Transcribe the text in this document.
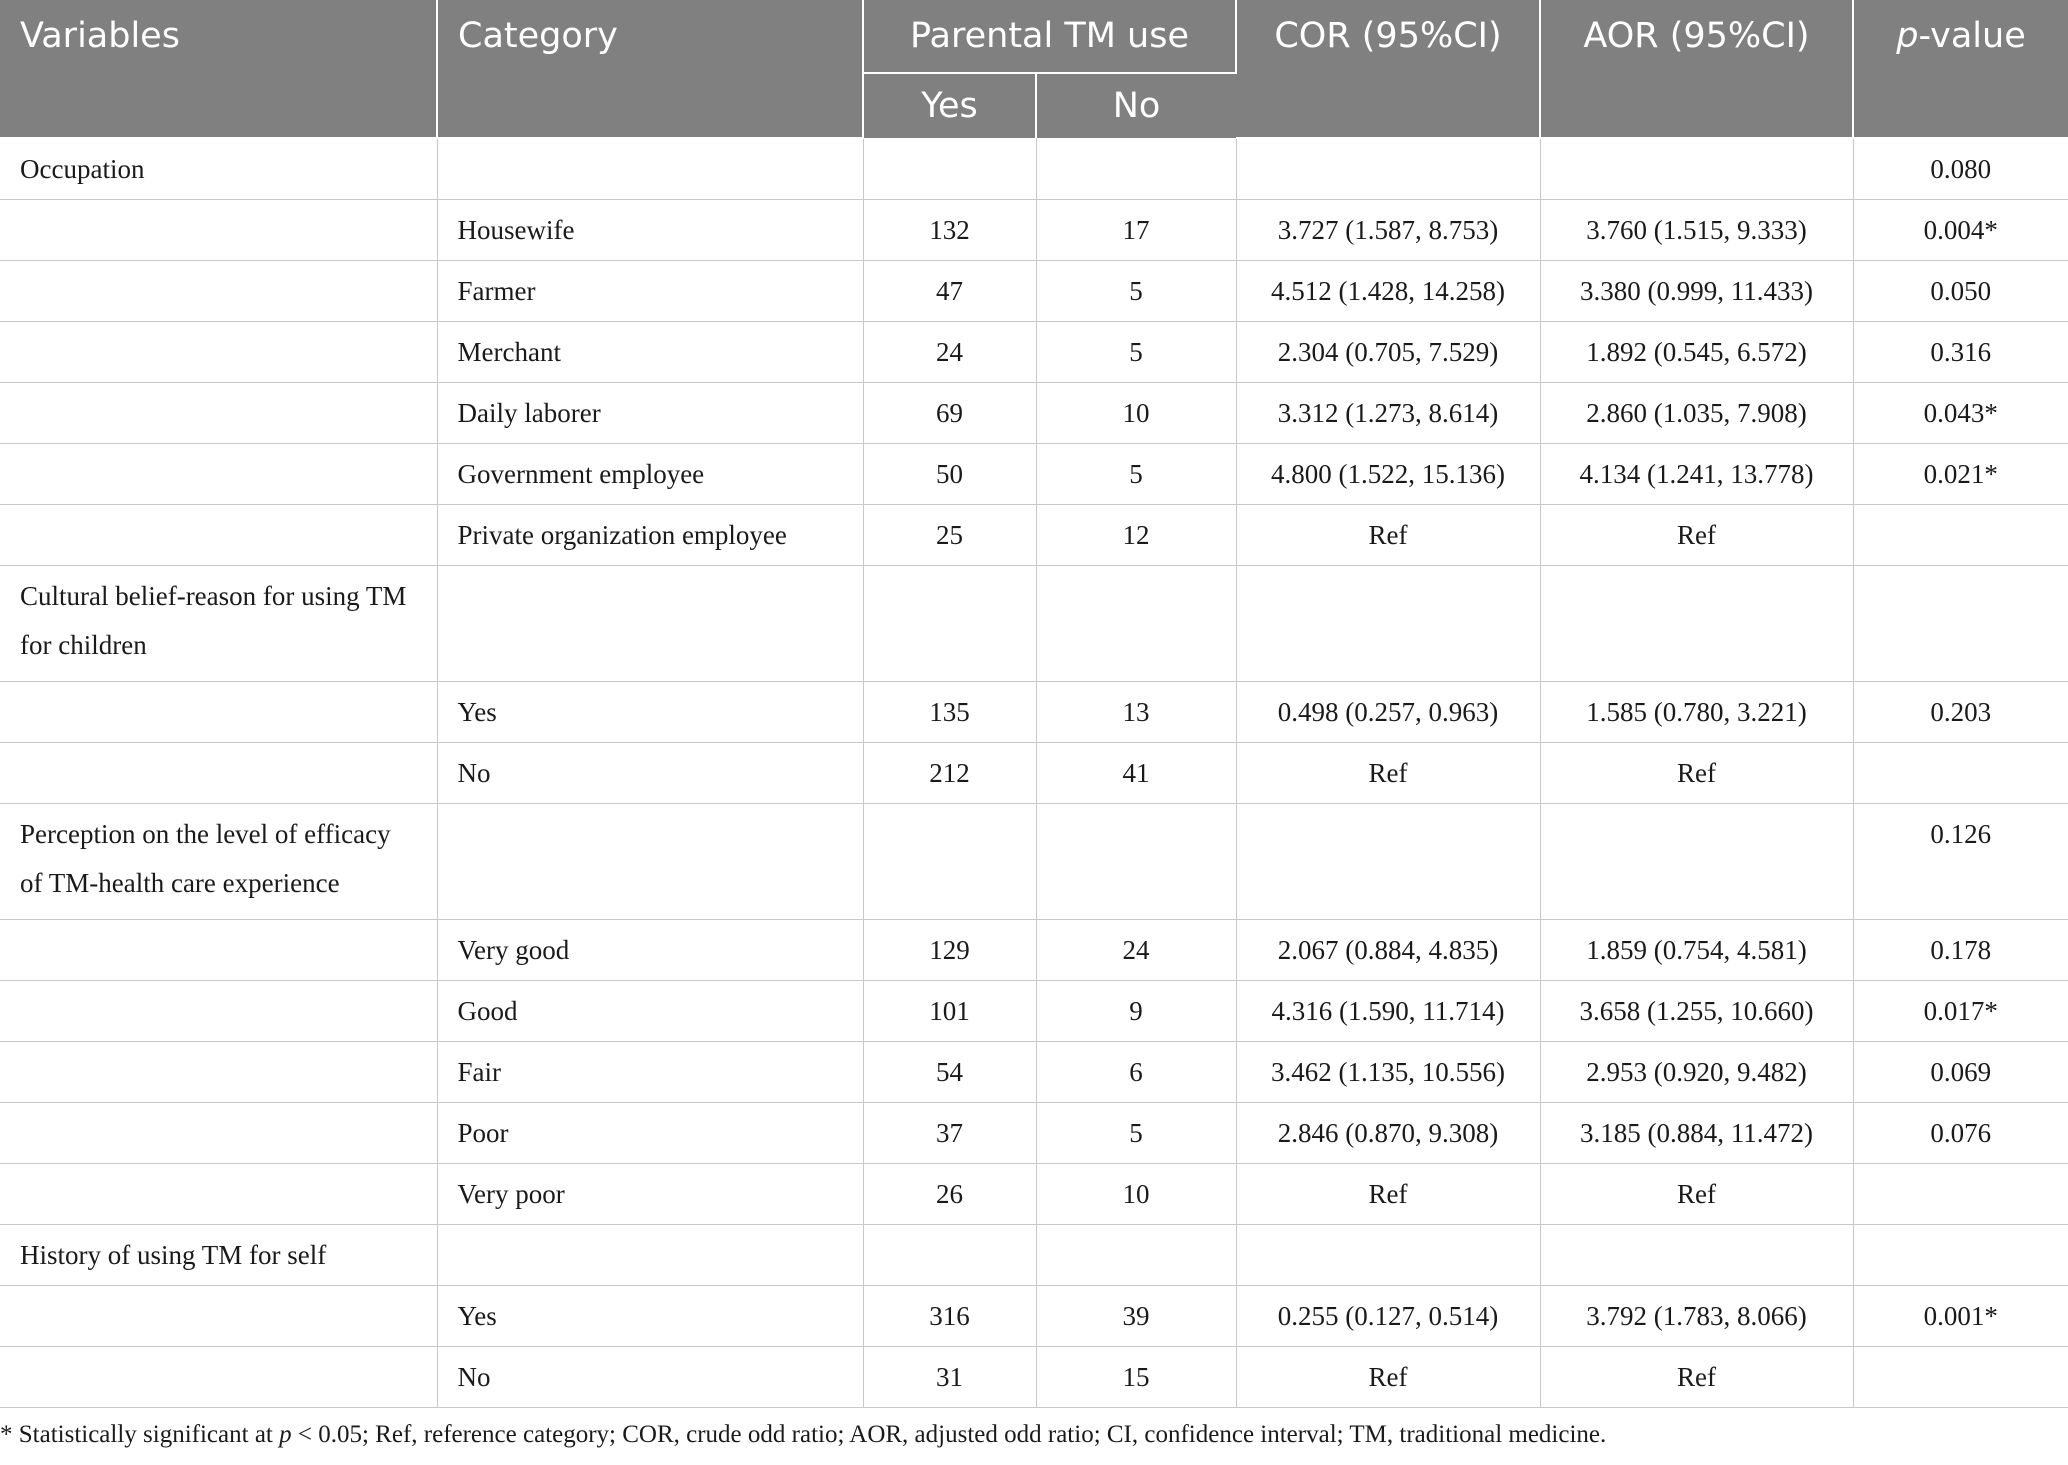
Variables	Category	Parental TM use		COR (95%CI)	AOR (95%CI)	p-value
		Yes	No			
Occupation						0.080
	Housewife	132	17	3.727 (1.587, 8.753)	3.760 (1.515, 9.333)	0.004*
	Farmer	47	5	4.512 (1.428, 14.258)	3.380 (0.999, 11.433)	0.050
	Merchant	24	5	2.304 (0.705, 7.529)	1.892 (0.545, 6.572)	0.316
	Daily laborer	69	10	3.312 (1.273, 8.614)	2.860 (1.035, 7.908)	0.043*
	Government employee	50	5	4.800 (1.522, 15.136)	4.134 (1.241, 13.778)	0.021*
	Private organization employee	25	12	Ref	Ref	
Cultural belief-reason for using TM for children						
	Yes	135	13	0.498 (0.257, 0.963)	1.585 (0.780, 3.221)	0.203
	No	212	41	Ref	Ref	
Perception on the level of efficacy of TM-health care experience						0.126
	Very good	129	24	2.067 (0.884, 4.835)	1.859 (0.754, 4.581)	0.178
	Good	101	9	4.316 (1.590, 11.714)	3.658 (1.255, 10.660)	0.017*
	Fair	54	6	3.462 (1.135, 10.556)	2.953 (0.920, 9.482)	0.069
	Poor	37	5	2.846 (0.870, 9.308)	3.185 (0.884, 11.472)	0.076
	Very poor	26	10	Ref	Ref	
History of using TM for self						
	Yes	316	39	0.255 (0.127, 0.514)	3.792 (1.783, 8.066)	0.001*
	No	31	15	Ref	Ref	
* Statistically significant at p < 0.05; Ref, reference category; COR, crude odd ratio; AOR, adjusted odd ratio; CI, confidence interval; TM, traditional medicine.
